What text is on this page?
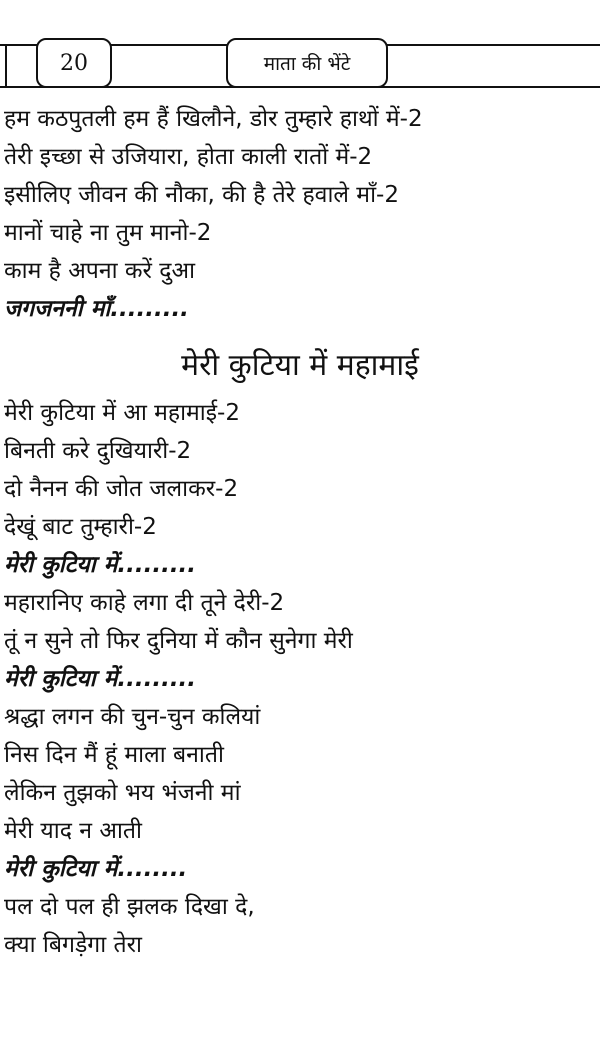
20	माता की भेंटे
हम कठपुतली हम हैं खिलौने, डोर तुम्हारे हाथों में-2
तेरी इच्छा से उजियारा, होता काली रातों में-2
इसीलिए जीवन की नौका, की है तेरे हवाले माँ-2
मानों चाहे ना तुम मानो-2
काम है अपना करें दुआ
जगजननी माँ.........
मेरी कुटिया में महामाई
मेरी कुटिया में आ महामाई-2
बिनती करे दुखियारी-2
दो नैनन की जोत जलाकर-2
देखूं बाट तुम्हारी-2
मेरी कुटिया में.........
महारानिए काहे लगा दी तूने देरी-2
तूं न सुने तो फिर दुनिया में कौन सुनेगा मेरी
मेरी कुटिया में.........
श्रद्धा लगन की चुन-चुन कलियां
निस दिन मैं हूं माला बनाती
लेकिन तुझको भय भंजनी मां
मेरी याद न आती
मेरी कुटिया में........
पल दो पल ही झलक दिखा दे,
क्या बिगड़ेगा तेरा
